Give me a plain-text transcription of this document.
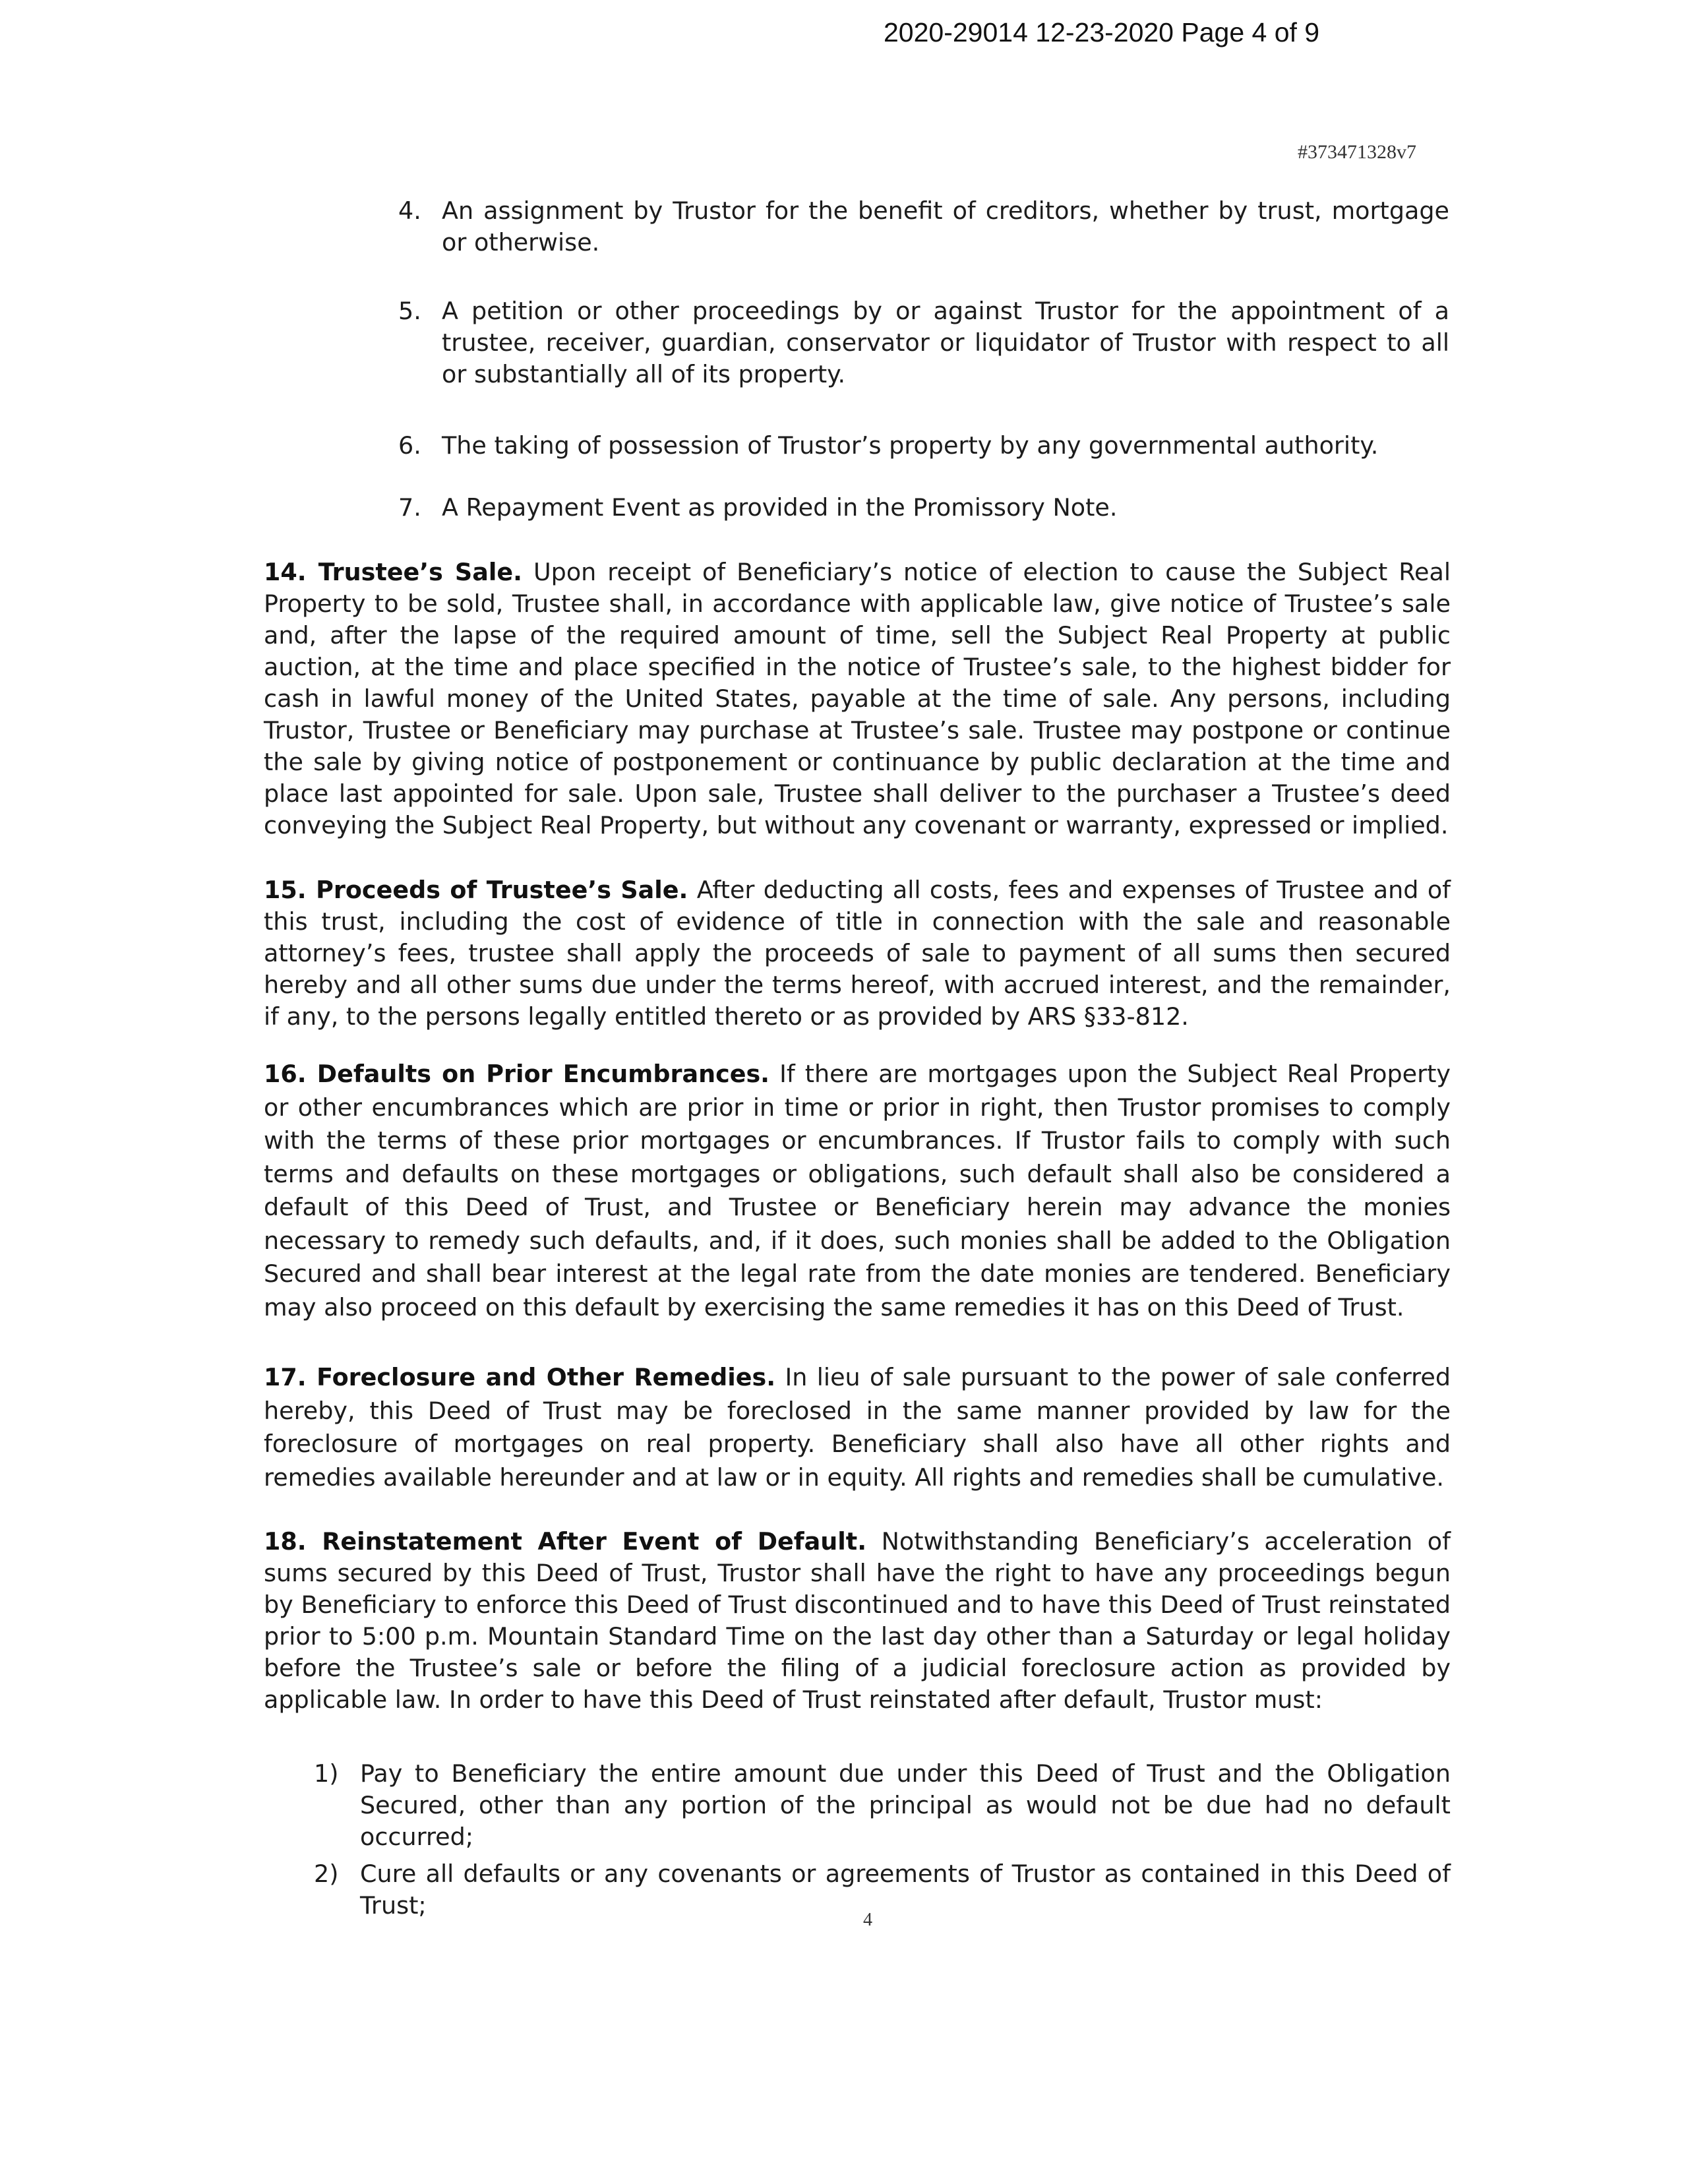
2020-29014 12-23-2020 Page 4 of 9
#373471328v7
4. An assignment by Trustor for the benefit of creditors, whether by trust, mortgage or otherwise.
5. A petition or other proceedings by or against Trustor for the appointment of a trustee, receiver, guardian, conservator or liquidator of Trustor with respect to all or substantially all of its property.
6. The taking of possession of Trustor’s property by any governmental authority.
7. A Repayment Event as provided in the Promissory Note.
14. Trustee’s Sale. Upon receipt of Beneficiary’s notice of election to cause the Subject Real Property to be sold, Trustee shall, in accordance with applicable law, give notice of Trustee’s sale and, after the lapse of the required amount of time, sell the Subject Real Property at public auction, at the time and place specified in the notice of Trustee’s sale, to the highest bidder for cash in lawful money of the United States, payable at the time of sale. Any persons, including Trustor, Trustee or Beneficiary may purchase at Trustee’s sale. Trustee may postpone or continue the sale by giving notice of postponement or continuance by public declaration at the time and place last appointed for sale. Upon sale, Trustee shall deliver to the purchaser a Trustee’s deed conveying the Subject Real Property, but without any covenant or warranty, expressed or implied.
15. Proceeds of Trustee’s Sale. After deducting all costs, fees and expenses of Trustee and of this trust, including the cost of evidence of title in connection with the sale and reasonable attorney’s fees, trustee shall apply the proceeds of sale to payment of all sums then secured hereby and all other sums due under the terms hereof, with accrued interest, and the remainder, if any, to the persons legally entitled thereto or as provided by ARS §33-812.
16. Defaults on Prior Encumbrances. If there are mortgages upon the Subject Real Property or other encumbrances which are prior in time or prior in right, then Trustor promises to comply with the terms of these prior mortgages or encumbrances. If Trustor fails to comply with such terms and defaults on these mortgages or obligations, such default shall also be considered a default of this Deed of Trust, and Trustee or Beneficiary herein may advance the monies necessary to remedy such defaults, and, if it does, such monies shall be added to the Obligation Secured and shall bear interest at the legal rate from the date monies are tendered. Beneficiary may also proceed on this default by exercising the same remedies it has on this Deed of Trust.
17. Foreclosure and Other Remedies. In lieu of sale pursuant to the power of sale conferred hereby, this Deed of Trust may be foreclosed in the same manner provided by law for the foreclosure of mortgages on real property. Beneficiary shall also have all other rights and remedies available hereunder and at law or in equity. All rights and remedies shall be cumulative.
18. Reinstatement After Event of Default. Notwithstanding Beneficiary’s acceleration of sums secured by this Deed of Trust, Trustor shall have the right to have any proceedings begun by Beneficiary to enforce this Deed of Trust discontinued and to have this Deed of Trust reinstated prior to 5:00 p.m. Mountain Standard Time on the last day other than a Saturday or legal holiday before the Trustee’s sale or before the filing of a judicial foreclosure action as provided by applicable law. In order to have this Deed of Trust reinstated after default, Trustor must:
1) Pay to Beneficiary the entire amount due under this Deed of Trust and the Obligation Secured, other than any portion of the principal as would not be due had no default occurred;
2) Cure all defaults or any covenants or agreements of Trustor as contained in this Deed of Trust;
4
